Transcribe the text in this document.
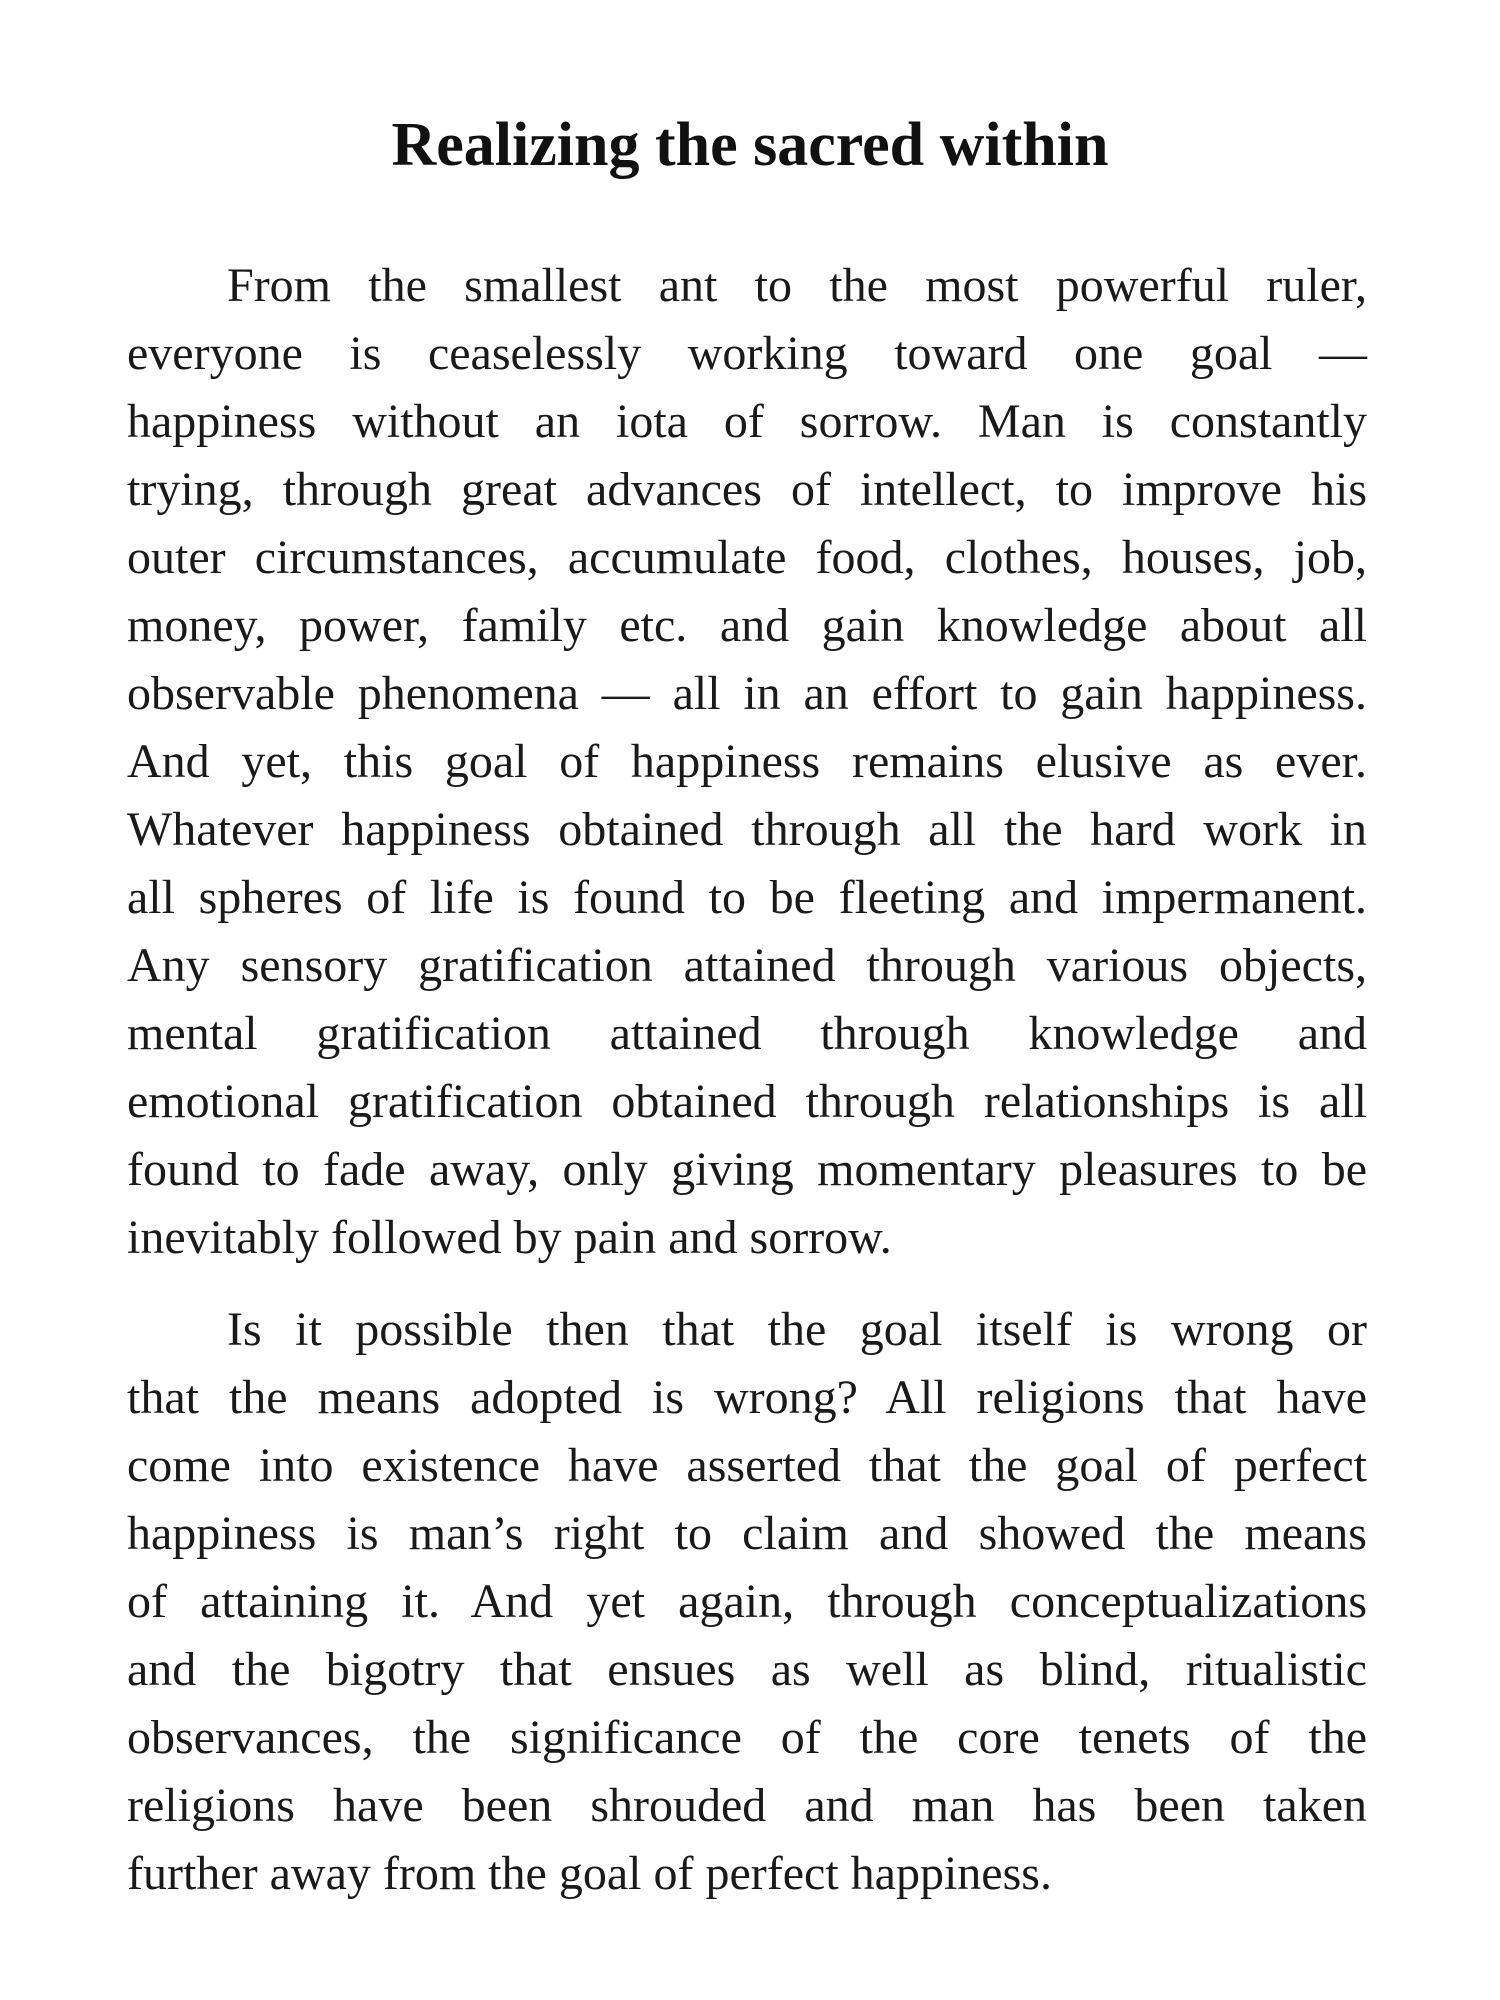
Realizing the sacred within
From the smallest ant to the most powerful ruler,
everyone is ceaselessly working toward one goal —
happiness without an iota of sorrow. Man is constantly
trying, through great advances of intellect, to improve his
outer circumstances, accumulate food, clothes, houses, job,
money, power, family etc. and gain knowledge about all
observable phenomena — all in an effort to gain happiness.
And yet, this goal of happiness remains elusive as ever.
Whatever happiness obtained through all the hard work in
all spheres of life is found to be fleeting and impermanent.
Any sensory gratification attained through various objects,
mental gratification attained through knowledge and
emotional gratification obtained through relationships is all
found to fade away, only giving momentary pleasures to be
inevitably followed by pain and sorrow.
Is it possible then that the goal itself is wrong or
that the means adopted is wrong? All religions that have
come into existence have asserted that the goal of perfect
happiness is man’s right to claim and showed the means
of attaining it. And yet again, through conceptualizations
and the bigotry that ensues as well as blind, ritualistic
observances, the significance of the core tenets of the
religions have been shrouded and man has been taken
further away from the goal of perfect happiness.
